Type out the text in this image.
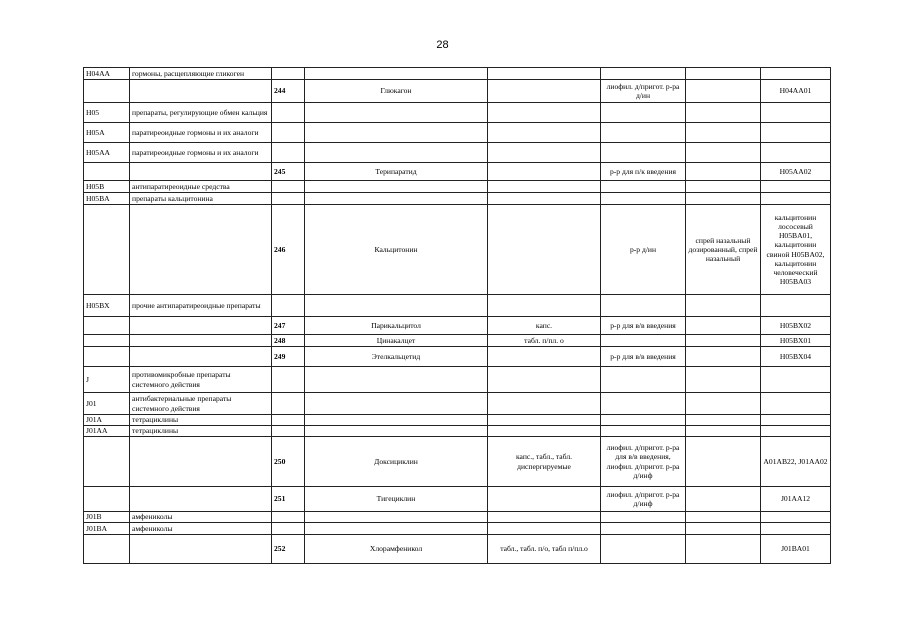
28
H04AA	гормоны, расщепляющие гликоген						
		244	Глюкагон		лиофил. д/пригот. р-ра д/ин		H04AA01
H05	препараты, регулирующие обмен кальция						
H05A	паратиреоидные гормоны и их аналоги						
H05AA	паратиреоидные гормоны и их аналоги						
		245	Терипаратид		р-р для п/к введения		H05AA02
H05B	антипаратиреоидные средства						
H05BA	препараты кальцитонина						
		246	Кальцитонин		р-р д/ин	спрей назальный дозированный, спрей назальный	кальцитонин лососевый H05BA01, кальцитонин свиной H05BA02, кальцитонин человеческий H05BA03
H05BX	прочие антипаратиреоидные препараты						
		247	Парикальцитол	капс.	р-р для в/в введения		H05BX02
		248	Цинакалцет	табл. п/пл. о			H05BX01
		249	Этелкальцетид		р-р для в/в введения		H05BX04
J	противомикробные препараты системного действия						
J01	антибактериальные препараты системного действия						
J01A	тетрациклины						
J01AA	тетрациклины						
		250	Доксициклин	капс., табл., табл. диспергируемые	лиофил. д/пригот. р-ра для в/в введения, лиофил. д/пригот. р-ра д/инф		A01AB22, J01AA02
		251	Тигециклин		лиофил. д/пригот. р-ра д/инф		J01AA12
J01B	амфениколы						
J01BA	амфениколы						
		252	Хлорамфеникол	табл., табл. п/о, табл п/пл.о			J01BA01
